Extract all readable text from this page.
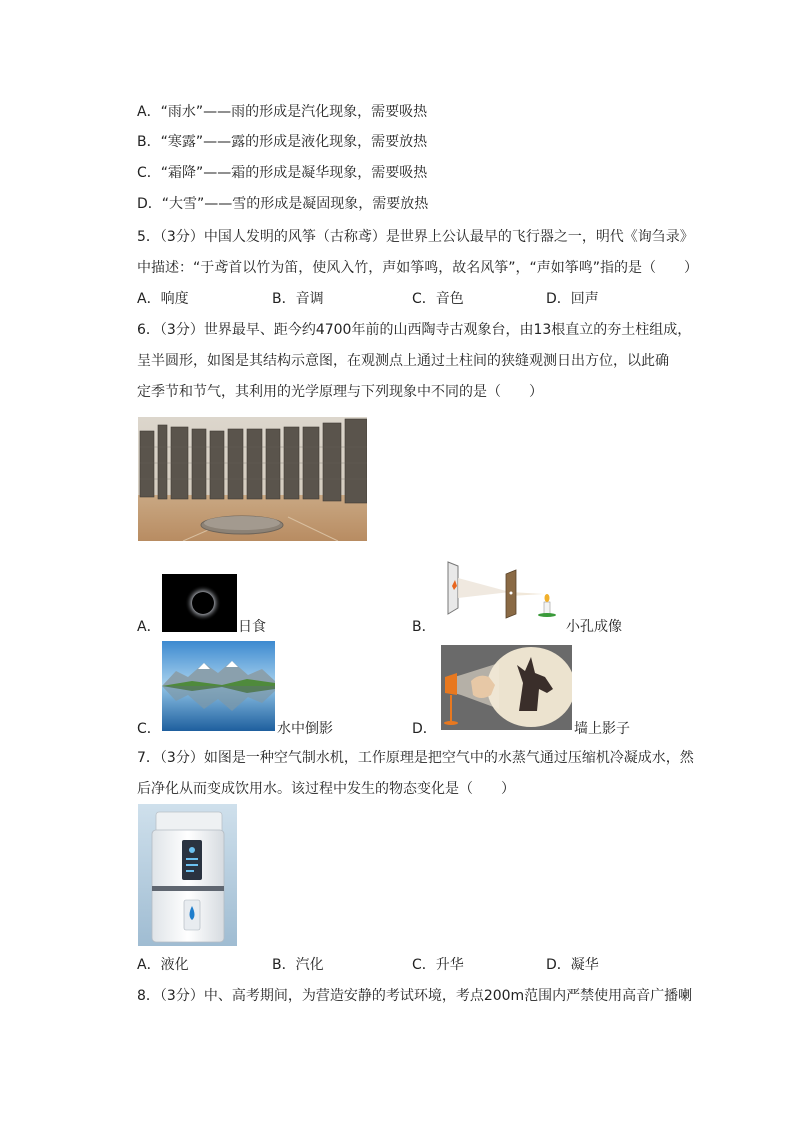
A．“雨水”——雨的形成是汽化现象，需要吸热
B．“寒露”——露的形成是液化现象，需要放热
C．“霜降”——霜的形成是凝华现象，需要吸热
D．“大雪”——雪的形成是凝固现象，需要放热
5．（3分）中国人发明的风筝（古称鸢）是世界上公认最早的飞行器之一，明代《询刍录》
中描述：“于鸢首以竹为笛，使风入竹，声如筝鸣，故名风筝”，“声如筝鸣”指的是（　　）
A．响度	B．音调	C．音色	D．回声
6．（3分）世界最早、距今约4700年前的山西陶寺古观象台，由13根直立的夯土柱组成，
呈半圆形，如图是其结构示意图，在观测点上通过土柱间的狭缝观测日出方位，以此确
定季节和节气，其利用的光学原理与下列现象中不同的是（　　）
A．	日食	B．	小孔成像
C．	水中倒影	D．	墙上影子
7．（3分）如图是一种空气制水机，工作原理是把空气中的水蒸气通过压缩机冷凝成水，然
后净化从而变成饮用水。该过程中发生的物态变化是（　　）
A．液化	B．汽化	C．升华	D．凝华
8．（3分）中、高考期间，为营造安静的考试环境，考点200m范围内严禁使用高音广播喇
